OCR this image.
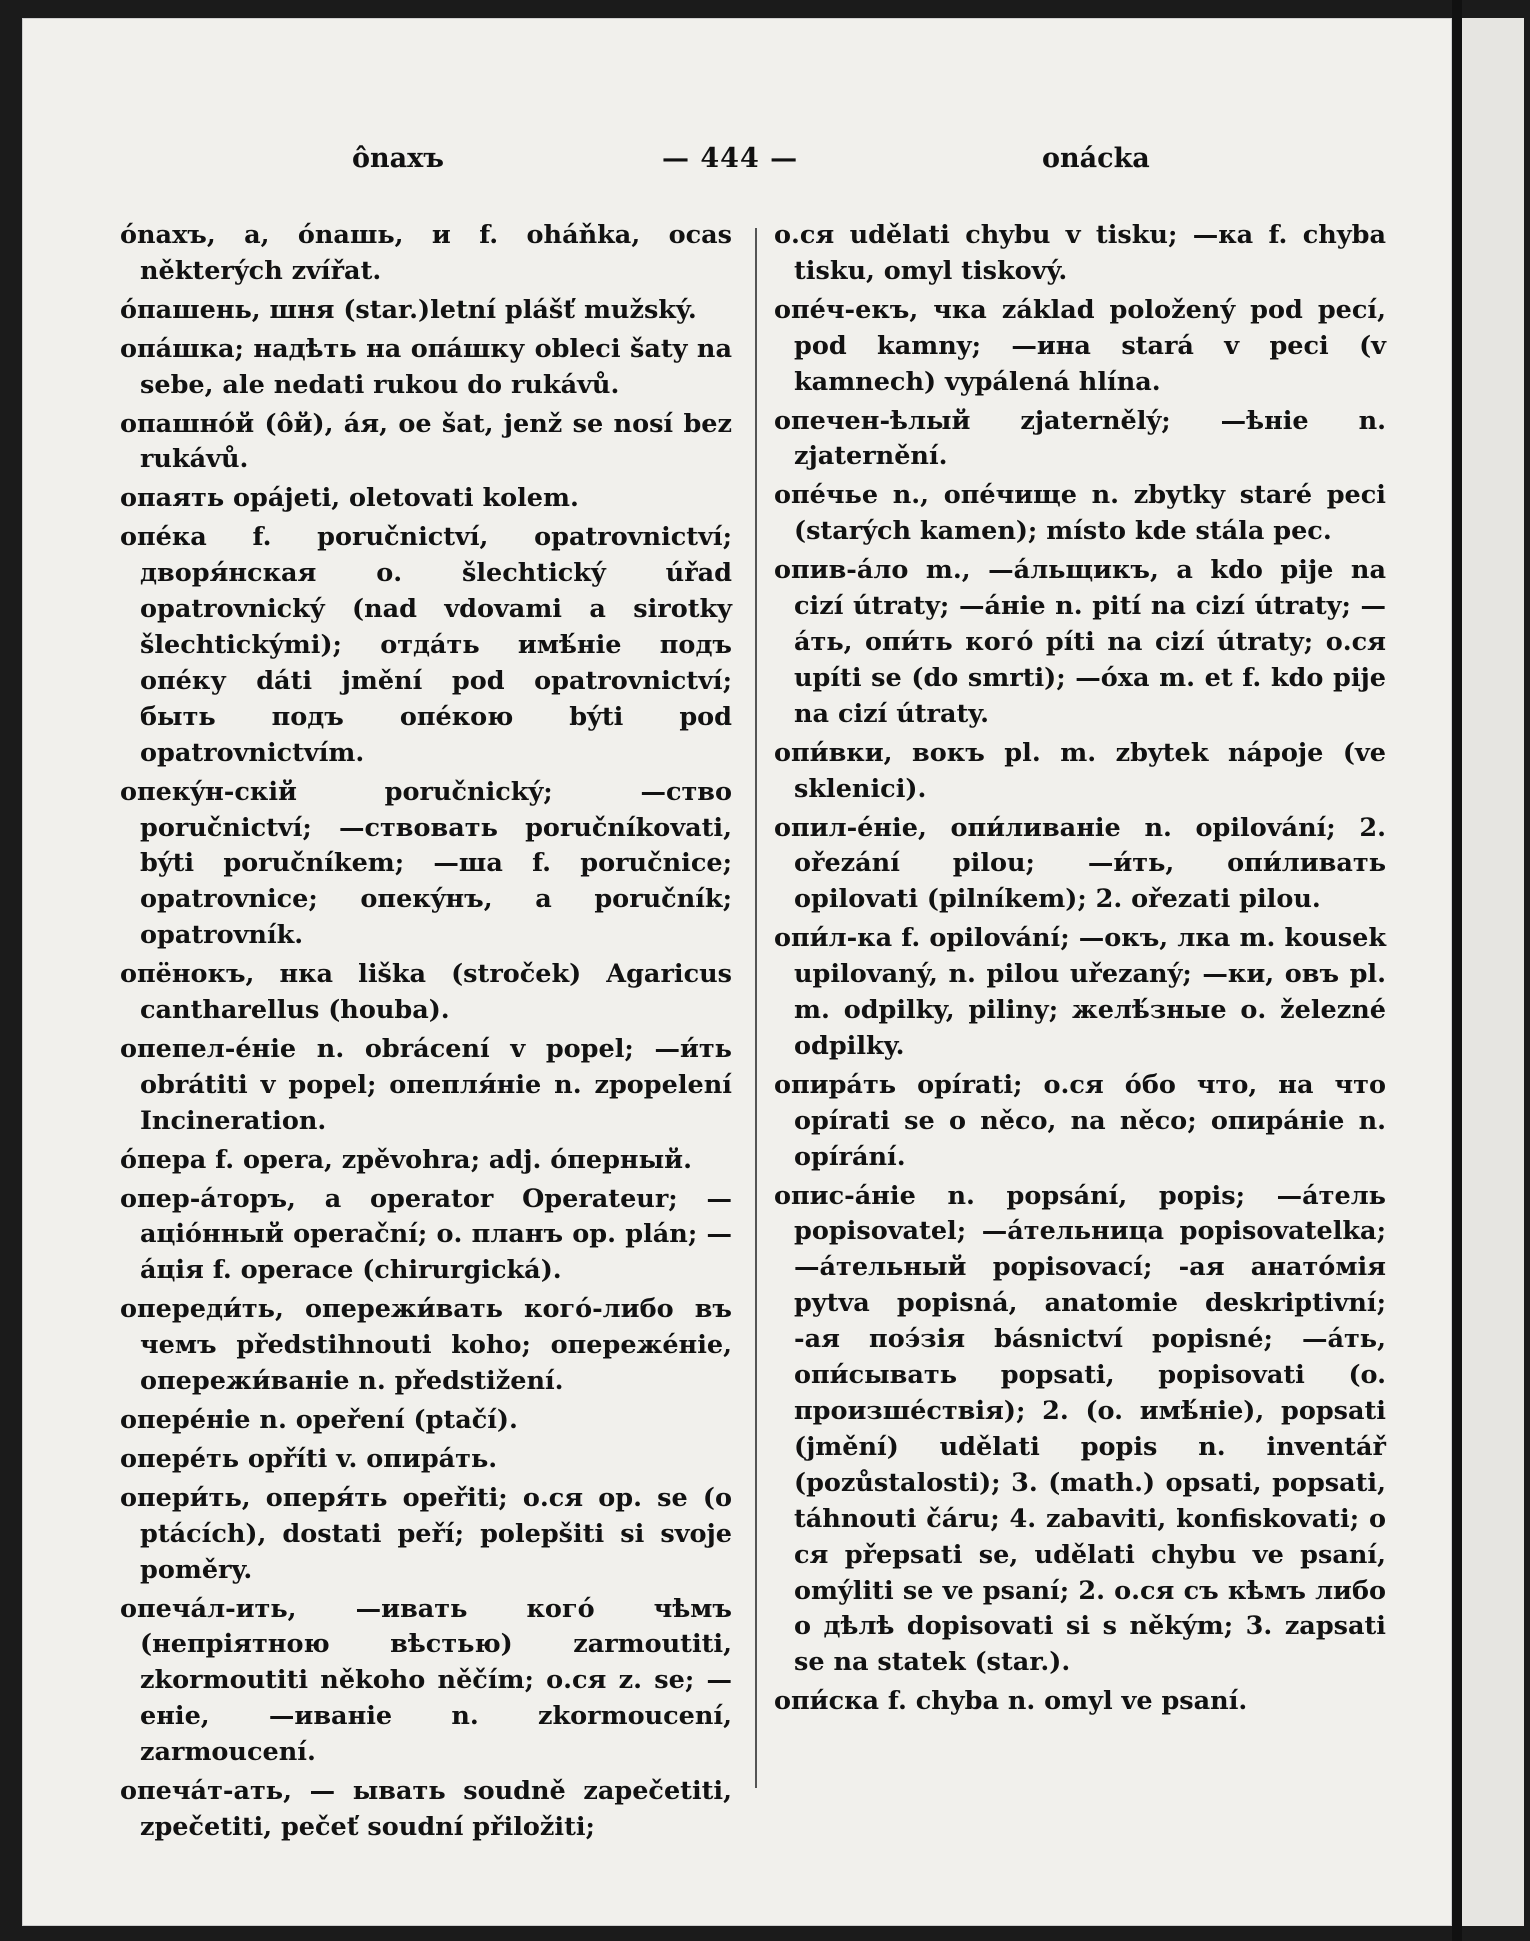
ônaxъ	— 444 —	onácka

ónaxъ, a, ónaшь, и f. oháňka, ocas některých zvířat.

óпашень, шня (star.)letní plášť mužský.

опáшка; надѣть на опáшку obleci šaty na sebe, ale nedati rukou do rukávů.

опашнóй (ôй), áя, ое šat, jenž se nosí bez rukávů.

опаять opájeti, oletovati kolem.

опéка f. poručnictví, opatrovnictví; дворя́нская о. šlechtický úřad opatrovnický (nad vdovami a sirotky šlechtickými); отдáть имѣ́нie подъ опéку dáti jmění pod opatrovnictví; быть подъ опéкою býti pod opatrovnictvím.

опекýн-скій poručnický; —ство poručnictví; —ствовать poručníkovati, býti poručníkem; —ша f. poručnice; opatrovnice; опекýнъ, а poručník; opatrovník.

опёнокъ, нка liška (stroček) Agaricus cantharellus (houba).

опепел-éнie n. obrácení v popel; —и́ть obrátiti v popel; опепля́нie n. zpopelení Incineration.

óпера f. opera, zpěvohra; adj. óперный.

опер-áторъ, а operator Operateur; —аціóнный operační; о. планъ op. plán; —áція f. operace (chirurgická).

опереди́ть, опережи́вать когó-либо въ чемъ předstihnouti koho; опережéнie, опережи́ванie n. předstižení.

оперéнie n. opeření (ptačí).

оперéть opříti v. опирáть.

опери́ть, оперя́ть opeřiti; о.ся op. se (o ptácích), dostati peří; polepšiti si svoje poměry.

опечáл-ить, —ивать когó чѣмъ (непріятною вѣстью) zarmoutiti, zkormoutiti někoho něčím; о.ся z. se; —енie, —иванie n. zkormoucení, zarmoucení.

опечáт-ать, — ывать soudně zapečetiti, zpečetiti, pečeť soudní přiložiti;

о.ся udělati chybu v tisku; —ка f. chyba tisku, omyl tiskový.

опéч-екъ, чка základ položený pod pecí, pod kamny; —ина stará v peci (v kamnech) vypálená hlína.

опечен-ѣлый zjaternělý; —ѣнie n. zjaternění.

опéчье n., опéчище n. zbytky staré peci (starých kamen); místo kde stála pec.

опив-áло m., —áльщикъ, а kdo pije na cizí útraty; —áнie n. pití na cizí útraty; —áть, опи́ть когó píti na cizí útraty; о.ся upíti se (do smrti); —óха m. et f. kdo pije na cizí útraty.

опи́вки, вокъ pl. m. zbytek nápoje (ve sklenici).

опил-éнie, опи́ливанie n. opilování; 2. ořezání pilou; —и́ть, опи́ливать opilovati (pilníkem); 2. ořezati pilou.

опи́л-ка f. opilování; —окъ, лка m. kousek upilovaný, n. pilou uřezaný; —ки, овъ pl. m. odpilky, piliny; желѣ́зные о. železné odpilky.

опирáть opírati; о.ся óбо что, на что opírati se o něco, na něco; опирáнie n. opírání.

опис-áнie n. popsání, popis; —áтель popisovatel; —áтельница popisovatelka; —áтельный popisovací; -ая анатóмія pytva popisná, anatomie deskriptivní; -ая поэ́зія básnictví popisné; —áть, опи́сывать popsati, popisovati (o. произшéствія); 2. (o. имѣ́нie), popsati (jmění) udělati popis n. inventář (pozůstalosti); 3. (math.) opsati, popsati, táhnouti čáru; 4. zabaviti, konfiskovati; о ся přepsati se, udělati chybu ve psaní, omýliti se ve psaní; 2. о.ся съ кѣмъ либо о дѣлѣ dopisovati si s někým; 3. zapsati se na statek (star.).

опи́ска f. chyba n. omyl ve psaní.
